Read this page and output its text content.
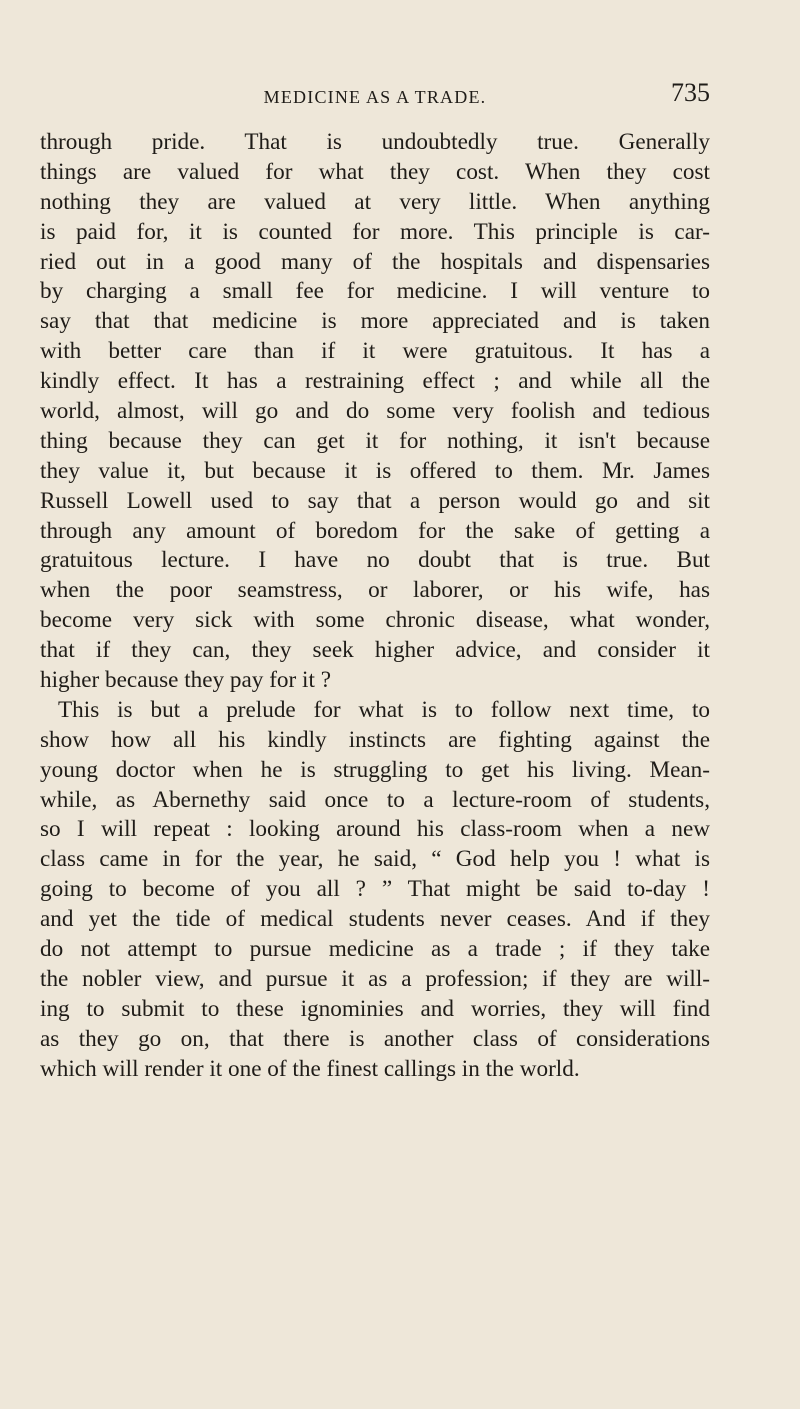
MEDICINE AS A TRADE.	735
through pride. That is undoubtedly true. Generally
things are valued for what they cost. When they cost
nothing they are valued at very little. When anything
is paid for, it is counted for more. This principle is car-
ried out in a good many of the hospitals and dispensaries
by charging a small fee for medicine. I will venture to
say that that medicine is more appreciated and is taken
with better care than if it were gratuitous. It has a
kindly effect. It has a restraining effect ; and while all the
world, almost, will go and do some very foolish and tedious
thing because they can get it for nothing, it isn't because
they value it, but because it is offered to them. Mr. James
Russell Lowell used to say that a person would go and sit
through any amount of boredom for the sake of getting a
gratuitous lecture. I have no doubt that is true. But
when the poor seamstress, or laborer, or his wife, has
become very sick with some chronic disease, what wonder,
that if they can, they seek higher advice, and consider it
higher because they pay for it ?
This is but a prelude for what is to follow next time, to
show how all his kindly instincts are fighting against the
young doctor when he is struggling to get his living. Mean-
while, as Abernethy said once to a lecture-room of students,
so I will repeat : looking around his class-room when a new
class came in for the year, he said, “ God help you ! what is
going to become of you all ? ” That might be said to-day !
and yet the tide of medical students never ceases. And if they
do not attempt to pursue medicine as a trade ; if they take
the nobler view, and pursue it as a profession; if they are will-
ing to submit to these ignominies and worries, they will find
as they go on, that there is another class of considerations
which will render it one of the finest callings in the world.
